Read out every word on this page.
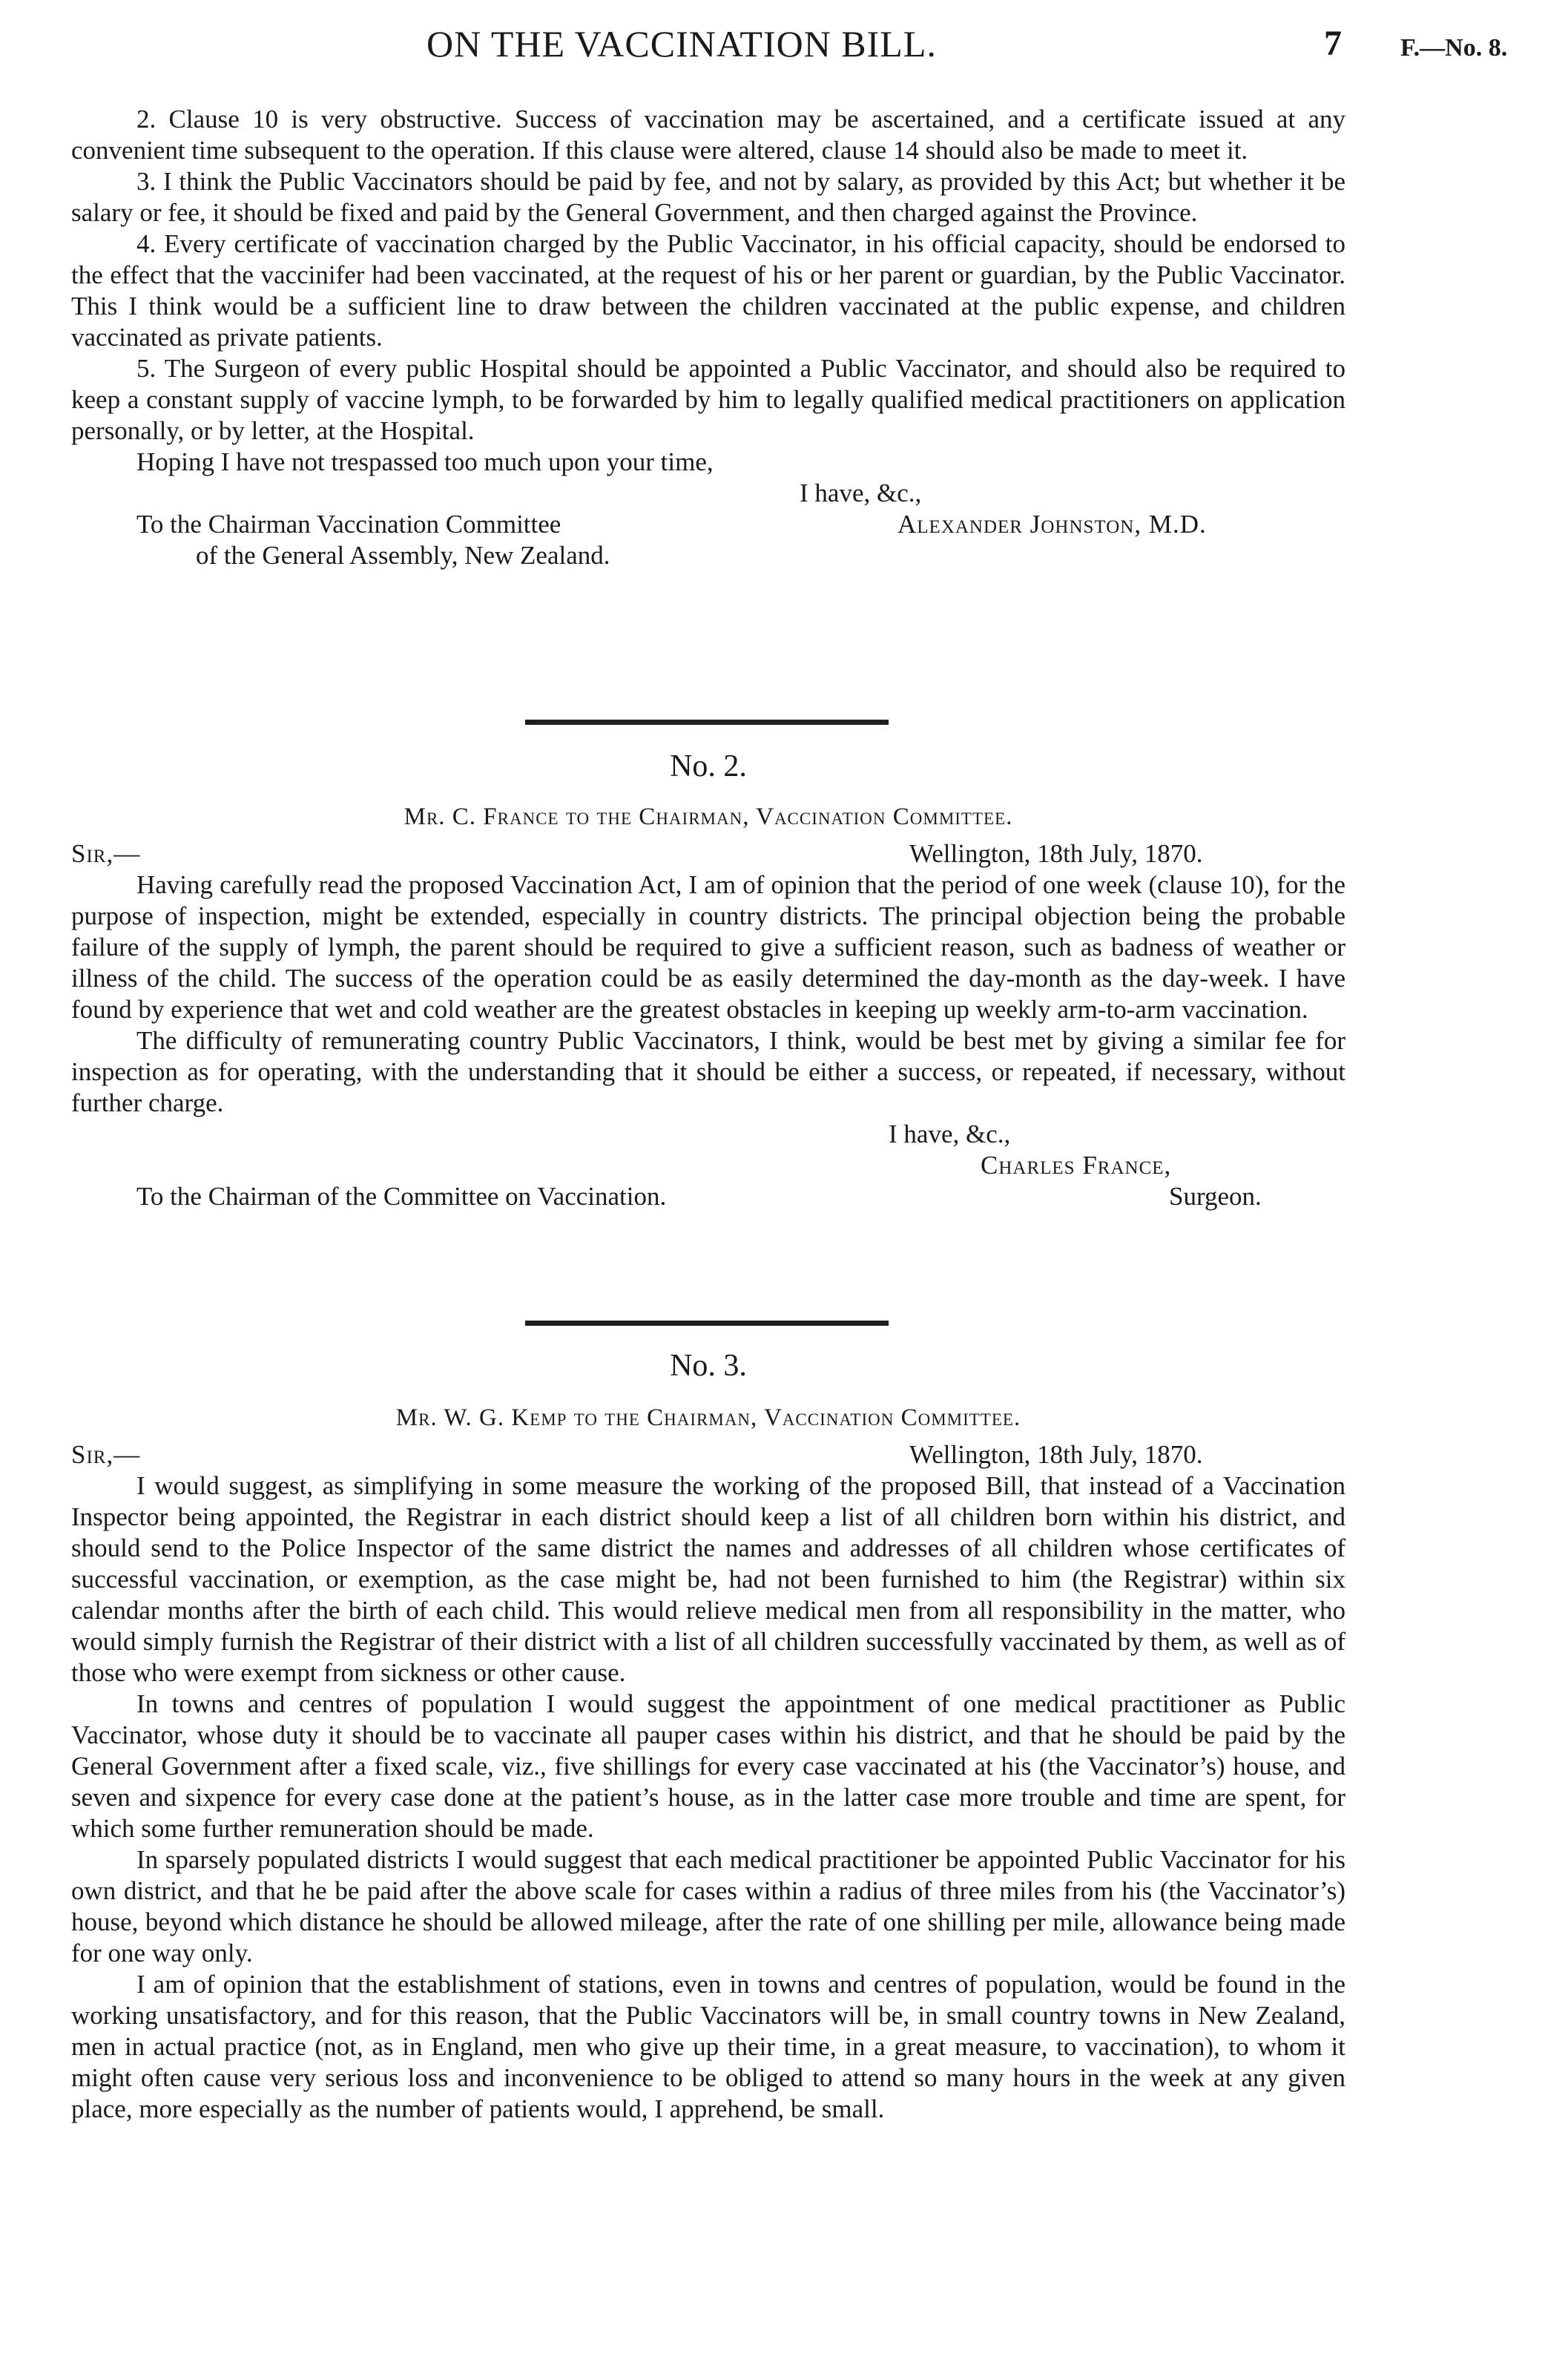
ON THE VACCINATION BILL.	7 F.—No. 8.

2. Clause 10 is very obstructive. Success of vaccination may be ascertained, and a certificate issued at any convenient time subsequent to the operation. If this clause were altered, clause 14 should also be made to meet it.

3. I think the Public Vaccinators should be paid by fee, and not by salary, as provided by this Act; but whether it be salary or fee, it should be fixed and paid by the General Government, and then charged against the Province.

4. Every certificate of vaccination charged by the Public Vaccinator, in his official capacity, should be endorsed to the effect that the vaccinifer had been vaccinated, at the request of his or her parent or guardian, by the Public Vaccinator. This I think would be a sufficient line to draw between the children vaccinated at the public expense, and children vaccinated as private patients.

5. The Surgeon of every public Hospital should be appointed a Public Vaccinator, and should also be required to keep a constant supply of vaccine lymph, to be forwarded by him to legally qualified medical practitioners on application personally, or by letter, at the Hospital.

Hoping I have not trespassed too much upon your time,

I have, &c.,
To the Chairman Vaccination Committee	Alexander Johnston, M.D.
of the General Assembly, New Zealand.
No. 2.
Mr. C. France to the Chairman, Vaccination Committee.
Sir,—	Wellington, 18th July, 1870.

Having carefully read the proposed Vaccination Act, I am of opinion that the period of one week (clause 10), for the purpose of inspection, might be extended, especially in country districts. The principal objection being the probable failure of the supply of lymph, the parent should be required to give a sufficient reason, such as badness of weather or illness of the child. The success of the operation could be as easily determined the day-month as the day-week. I have found by experience that wet and cold weather are the greatest obstacles in keeping up weekly arm-to-arm vaccination.

The difficulty of remunerating country Public Vaccinators, I think, would be best met by giving a similar fee for inspection as for operating, with the understanding that it should be either a success, or repeated, if necessary, without further charge.

I have, &c.,
Charles France,
To the Chairman of the Committee on Vaccination.	Surgeon.
No. 3.
Mr. W. G. Kemp to the Chairman, Vaccination Committee.
Sir,—	Wellington, 18th July, 1870.

I would suggest, as simplifying in some measure the working of the proposed Bill, that instead of a Vaccination Inspector being appointed, the Registrar in each district should keep a list of all children born within his district, and should send to the Police Inspector of the same district the names and addresses of all children whose certificates of successful vaccination, or exemption, as the case might be, had not been furnished to him (the Registrar) within six calendar months after the birth of each child. This would relieve medical men from all responsibility in the matter, who would simply furnish the Registrar of their district with a list of all children successfully vaccinated by them, as well as of those who were exempt from sickness or other cause.

In towns and centres of population I would suggest the appointment of one medical practitioner as Public Vaccinator, whose duty it should be to vaccinate all pauper cases within his district, and that he should be paid by the General Government after a fixed scale, viz., five shillings for every case vaccinated at his (the Vaccinator’s) house, and seven and sixpence for every case done at the patient’s house, as in the latter case more trouble and time are spent, for which some further remuneration should be made.

In sparsely populated districts I would suggest that each medical practitioner be appointed Public Vaccinator for his own district, and that he be paid after the above scale for cases within a radius of three miles from his (the Vaccinator’s) house, beyond which distance he should be allowed mileage, after the rate of one shilling per mile, allowance being made for one way only.

I am of opinion that the establishment of stations, even in towns and centres of population, would be found in the working unsatisfactory, and for this reason, that the Public Vaccinators will be, in small country towns in New Zealand, men in actual practice (not, as in England, men who give up their time, in a great measure, to vaccination), to whom it might often cause very serious loss and inconvenience to be obliged to attend so many hours in the week at any given place, more especially as the number of patients would, I apprehend, be small.
